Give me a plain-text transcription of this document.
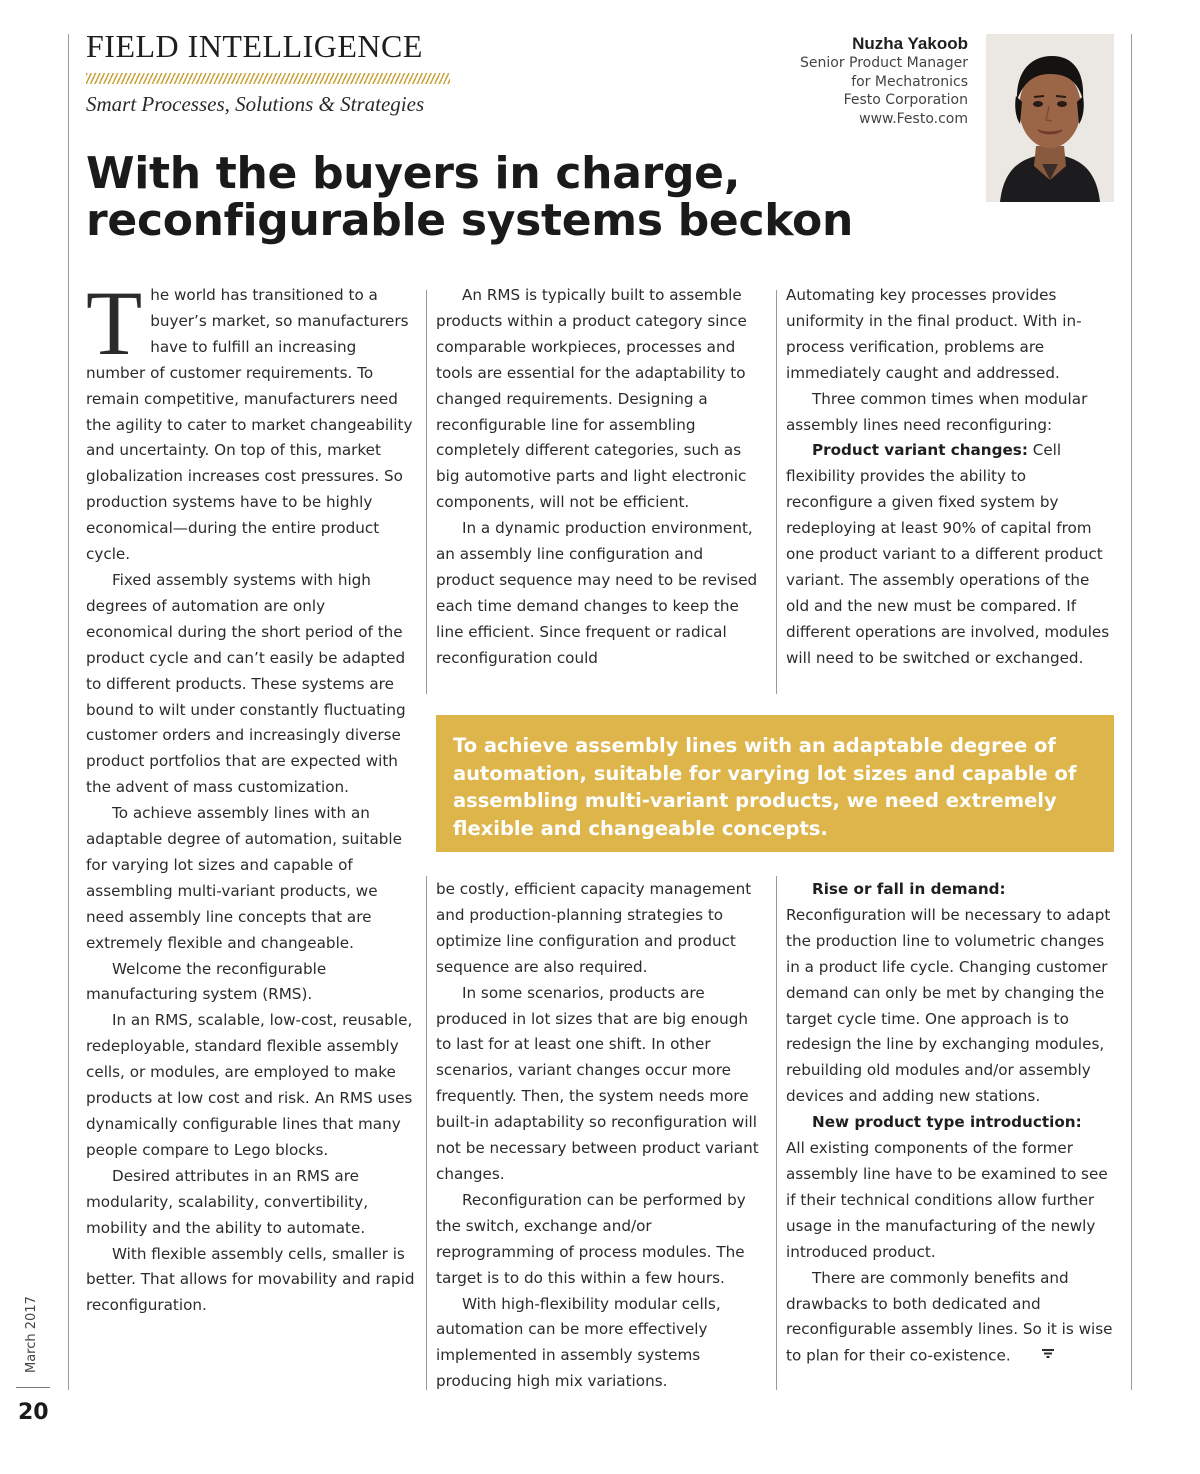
FIELD INTELLIGENCE
Smart Processes, Solutions & Strategies
Nuzha Yakoob
Senior Product Manager
for Mechatronics
Festo Corporation
www.Festo.com
With the buyers in charge,
reconfigurable systems beckon

The world has transitioned to a buyer’s market, so manufacturers have to fulfill an increasing number of customer requirements. To remain competitive, manufacturers need the agility to cater to market changeability and uncertainty. On top of this, market globalization increases cost pressures. So production systems have to be highly economical—during the entire product cycle.

Fixed assembly systems with high degrees of automation are only economical during the short period of the product cycle and can’t easily be adapted to different products. These systems are bound to wilt under constantly fluctuating customer orders and increasingly diverse product portfolios that are expected with the advent of mass customization.

To achieve assembly lines with an adaptable degree of automation, suitable for varying lot sizes and capable of assembling multi-variant products, we need assembly line concepts that are extremely flexible and changeable.

Welcome the reconfigurable manufacturing system (RMS).

In an RMS, scalable, low-cost, reusable, redeployable, standard flexible assembly cells, or modules, are employed to make products at low cost and risk. An RMS uses dynamically configurable lines that many people compare to Lego blocks.

Desired attributes in an RMS are modularity, scalability, convertibility, mobility and the ability to automate.

With flexible assembly cells, smaller is better. That allows for movability and rapid reconfiguration.

An RMS is typically built to assemble products within a product category since comparable workpieces, processes and tools are essential for the adaptability to changed requirements. Designing a reconfigurable line for assembling completely different categories, such as big automotive parts and light electronic components, will not be efficient.

In a dynamic production environment, an assembly line configuration and product sequence may need to be revised each time demand changes to keep the line efficient. Since frequent or radical reconfiguration could

Automating key processes provides uniformity in the final product. With in-process verification, problems are immediately caught and addressed.

Three common times when modular assembly lines need reconfiguring:

Product variant changes: Cell flexibility provides the ability to reconfigure a given fixed system by redeploying at least 90% of capital from one product variant to a different product variant. The assembly operations of the old and the new must be compared. If different operations are involved, modules will need to be switched or exchanged.

To achieve assembly lines with an adaptable degree of automation, suitable for varying lot sizes and capable of assembling multi-variant products, we need extremely flexible and changeable concepts.

be costly, efficient capacity management and production-planning strategies to optimize line configuration and product sequence are also required.

In some scenarios, products are produced in lot sizes that are big enough to last for at least one shift. In other scenarios, variant changes occur more frequently. Then, the system needs more built-in adaptability so reconfiguration will not be necessary between product variant changes.

Reconfiguration can be performed by the switch, exchange and/or reprogramming of process modules. The target is to do this within a few hours.

With high-flexibility modular cells, automation can be more effectively implemented in assembly systems producing high mix variations.

Rise or fall in demand: Reconfiguration will be necessary to adapt the production line to volumetric changes in a product life cycle. Changing customer demand can only be met by changing the target cycle time. One approach is to redesign the line by exchanging modules, rebuilding old modules and/or assembly devices and adding new stations.

New product type introduction:

All existing components of the former assembly line have to be examined to see if their technical conditions allow further usage in the manufacturing of the newly introduced product.

There are commonly benefits and drawbacks to both dedicated and reconfigurable assembly lines. So it is wise to plan for their co-existence.

March 2017
20
